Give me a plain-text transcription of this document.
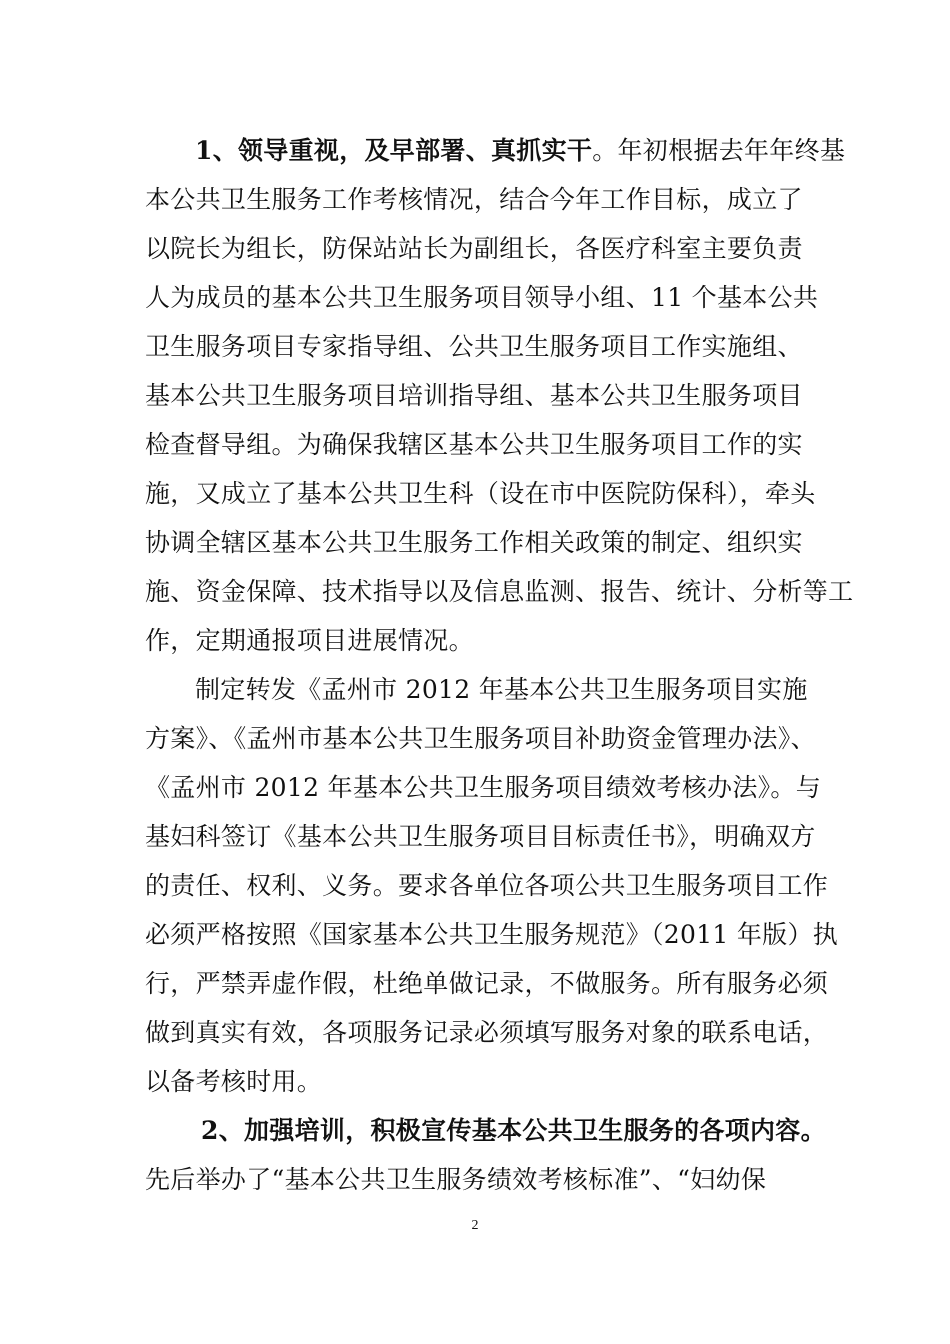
1、领导重视，及早部署、真抓实干。年初根据去年年终基
本公共卫生服务工作考核情况，结合今年工作目标，成立了
以院长为组长，防保站站长为副组长，各医疗科室主要负责
人为成员的基本公共卫生服务项目领导小组、11 个基本公共
卫生服务项目专家指导组、公共卫生服务项目工作实施组、
基本公共卫生服务项目培训指导组、基本公共卫生服务项目
检查督导组。为确保我辖区基本公共卫生服务项目工作的实
施，又成立了基本公共卫生科（设在市中医院防保科），牵头
协调全辖区基本公共卫生服务工作相关政策的制定、组织实
施、资金保障、技术指导以及信息监测、报告、统计、分析等工
作，定期通报项目进展情况。
制定转发《孟州市 2012 年基本公共卫生服务项目实施
方案》、《孟州市基本公共卫生服务项目补助资金管理办法》、
《孟州市 2012 年基本公共卫生服务项目绩效考核办法》。与
基妇科签订《基本公共卫生服务项目目标责任书》，明确双方
的责任、权利、义务。要求各单位各项公共卫生服务项目工作
必须严格按照《国家基本公共卫生服务规范》（2011 年版）执
行，严禁弄虚作假，杜绝单做记录，不做服务。所有服务必须
做到真实有效，各项服务记录必须填写服务对象的联系电话，
以备考核时用。
2、加强培训，积极宣传基本公共卫生服务的各项内容。
先后举办了“基本公共卫生服务绩效考核标准”、“妇幼保
2
